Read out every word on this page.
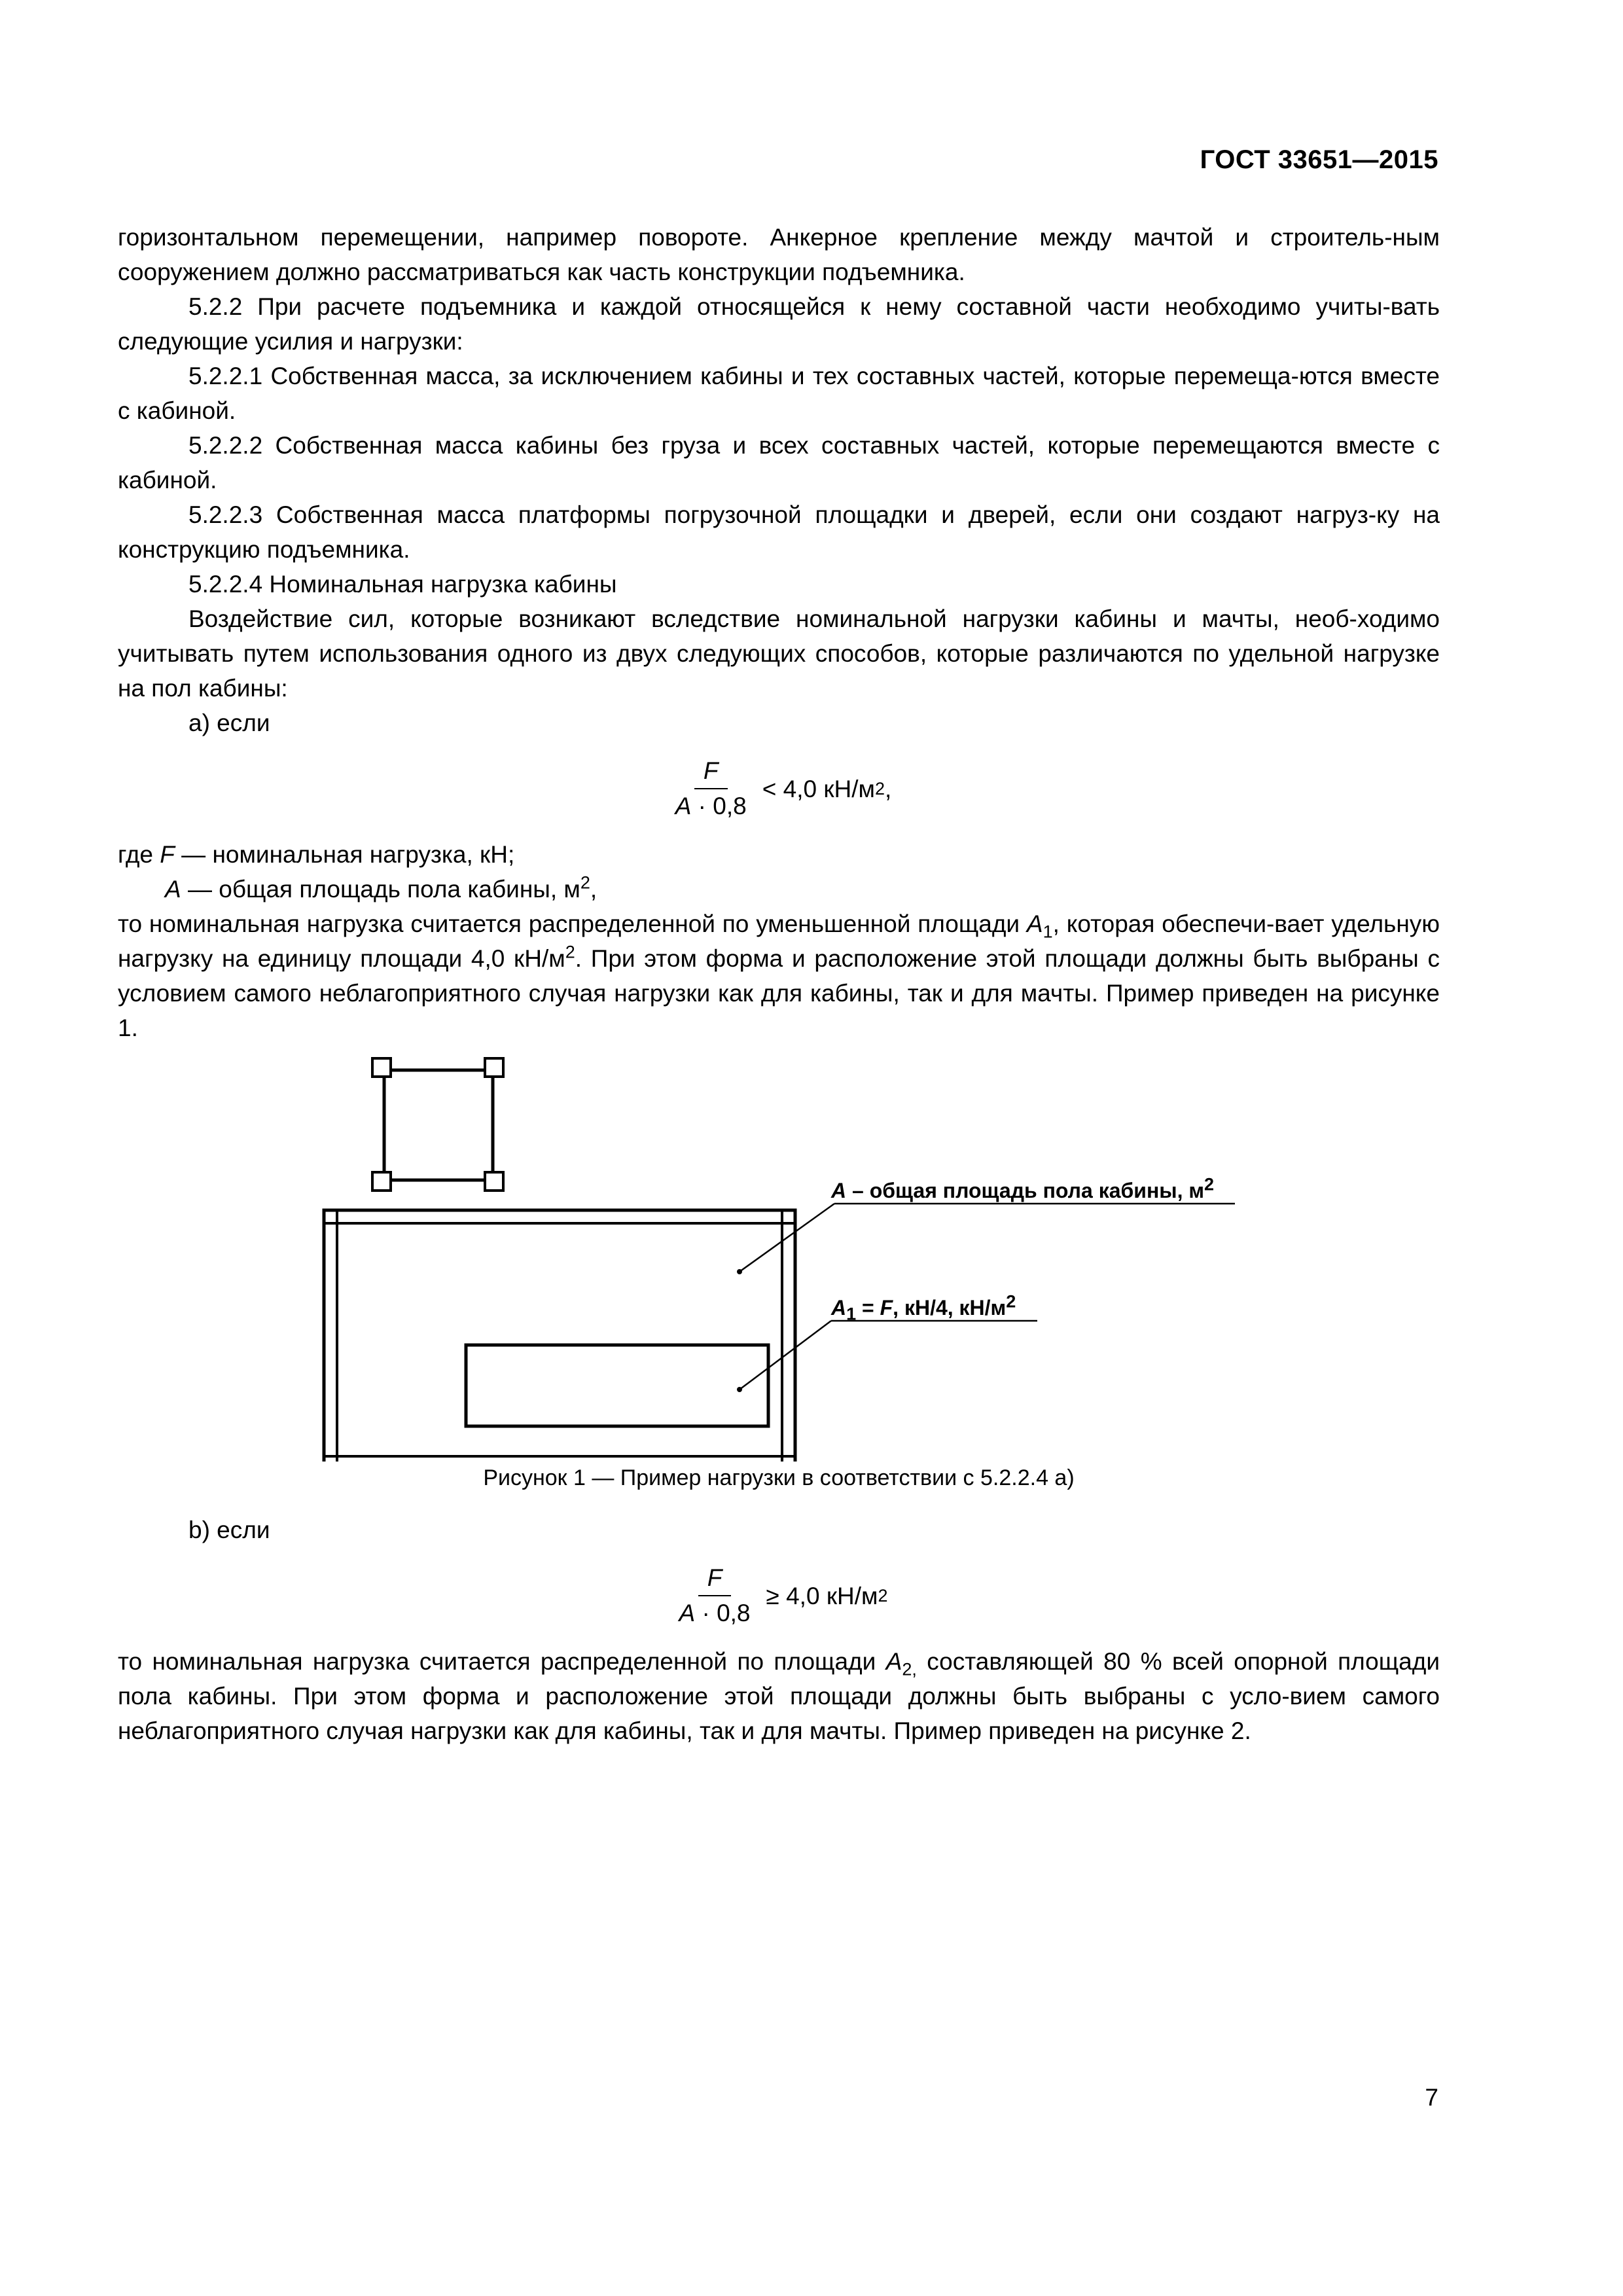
ГОСТ 33651—2015

горизонтальном перемещении, например повороте. Анкерное крепление между мачтой и строитель-ным сооружением должно рассматриваться как часть конструкции подъемника.

5.2.2 При расчете подъемника и каждой относящейся к нему составной части необходимо учиты-вать следующие усилия и нагрузки:

5.2.2.1 Собственная масса, за исключением кабины и тех составных частей, которые перемеща-ются вместе с кабиной.

5.2.2.2 Собственная масса кабины без груза и всех составных частей, которые перемещаются вместе с кабиной.

5.2.2.3 Собственная масса платформы погрузочной площадки и дверей, если они создают нагруз-ку на конструкцию подъемника.

5.2.2.4 Номинальная нагрузка кабины

Воздействие сил, которые возникают вследствие номинальной нагрузки кабины и мачты, необ-ходимо учитывать путем использования одного из двух следующих способов, которые различаются по удельной нагрузке на пол кабины:

a) если

$\frac{F}{A \cdot 0,8} < 4,0$ кН/м 2 ,

где F — номинальная нагрузка, кН;

A — общая площадь пола кабины, $м^2$,

то номинальная нагрузка считается распределенной по уменьшенной площади $A_1$, которая обеспечи-вает удельную нагрузку на единицу площади 4,0 $кН/м^2$. При этом форма и расположение этой площади должны быть выбраны с условием самого неблагоприятного случая нагрузки как для кабины, так и для мачты. Пример приведен на рисунке 1.

A – общая площадь пола кабины, $м^2$
$A_1 = F$, кН/4, $кН/м^2$

Рисунок 1 — Пример нагрузки в соответствии с 5.2.2.4 а)

b) если

$\frac{F}{A \cdot 0,8} \ge 4,0$ кН/м 2

то номинальная нагрузка считается распределенной по площади $A_{2,}$ составляющей 80 % всей опорной площади пола кабины. При этом форма и расположение этой площади должны быть выбраны с усло-вием самого неблагоприятного случая нагрузки как для кабины, так и для мачты. Пример приведен на рисунке 2.

7
